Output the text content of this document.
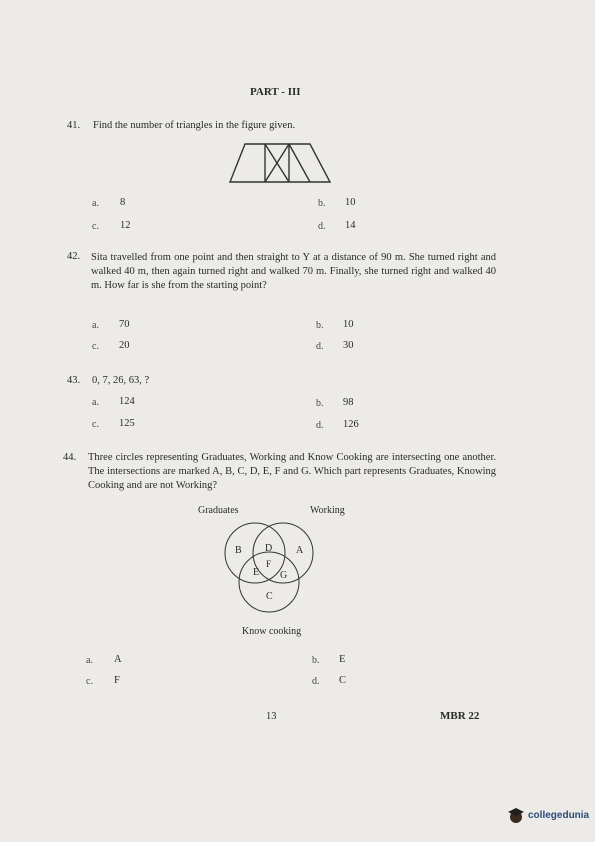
PART - III
41. Find the number of triangles in the figure given.
a. 8	b. 10
c. 12	d. 14
42. Sita travelled from one point and then straight to Y at a distance of 90 m. She turned right and walked 40 m, then again turned right and walked 70 m. Finally, she turned right and walked 40 m. How far is she from the starting point?
a. 70	b. 10
c. 20	d. 30
43. 0, 7, 26, 63, ?
a. 124	b. 98
c. 125	d. 126
44. Three circles representing Graduates, Working and Know Cooking are intersecting one another. The intersections are marked A, B, C, D, E, F and G. Which part represents Graduates, Knowing Cooking and are not Working?
Graduates	Working
B D A
F
E G
C
Know cooking
a. A	b. E
c. F	d. C
13	MBR 22
collegedunia
